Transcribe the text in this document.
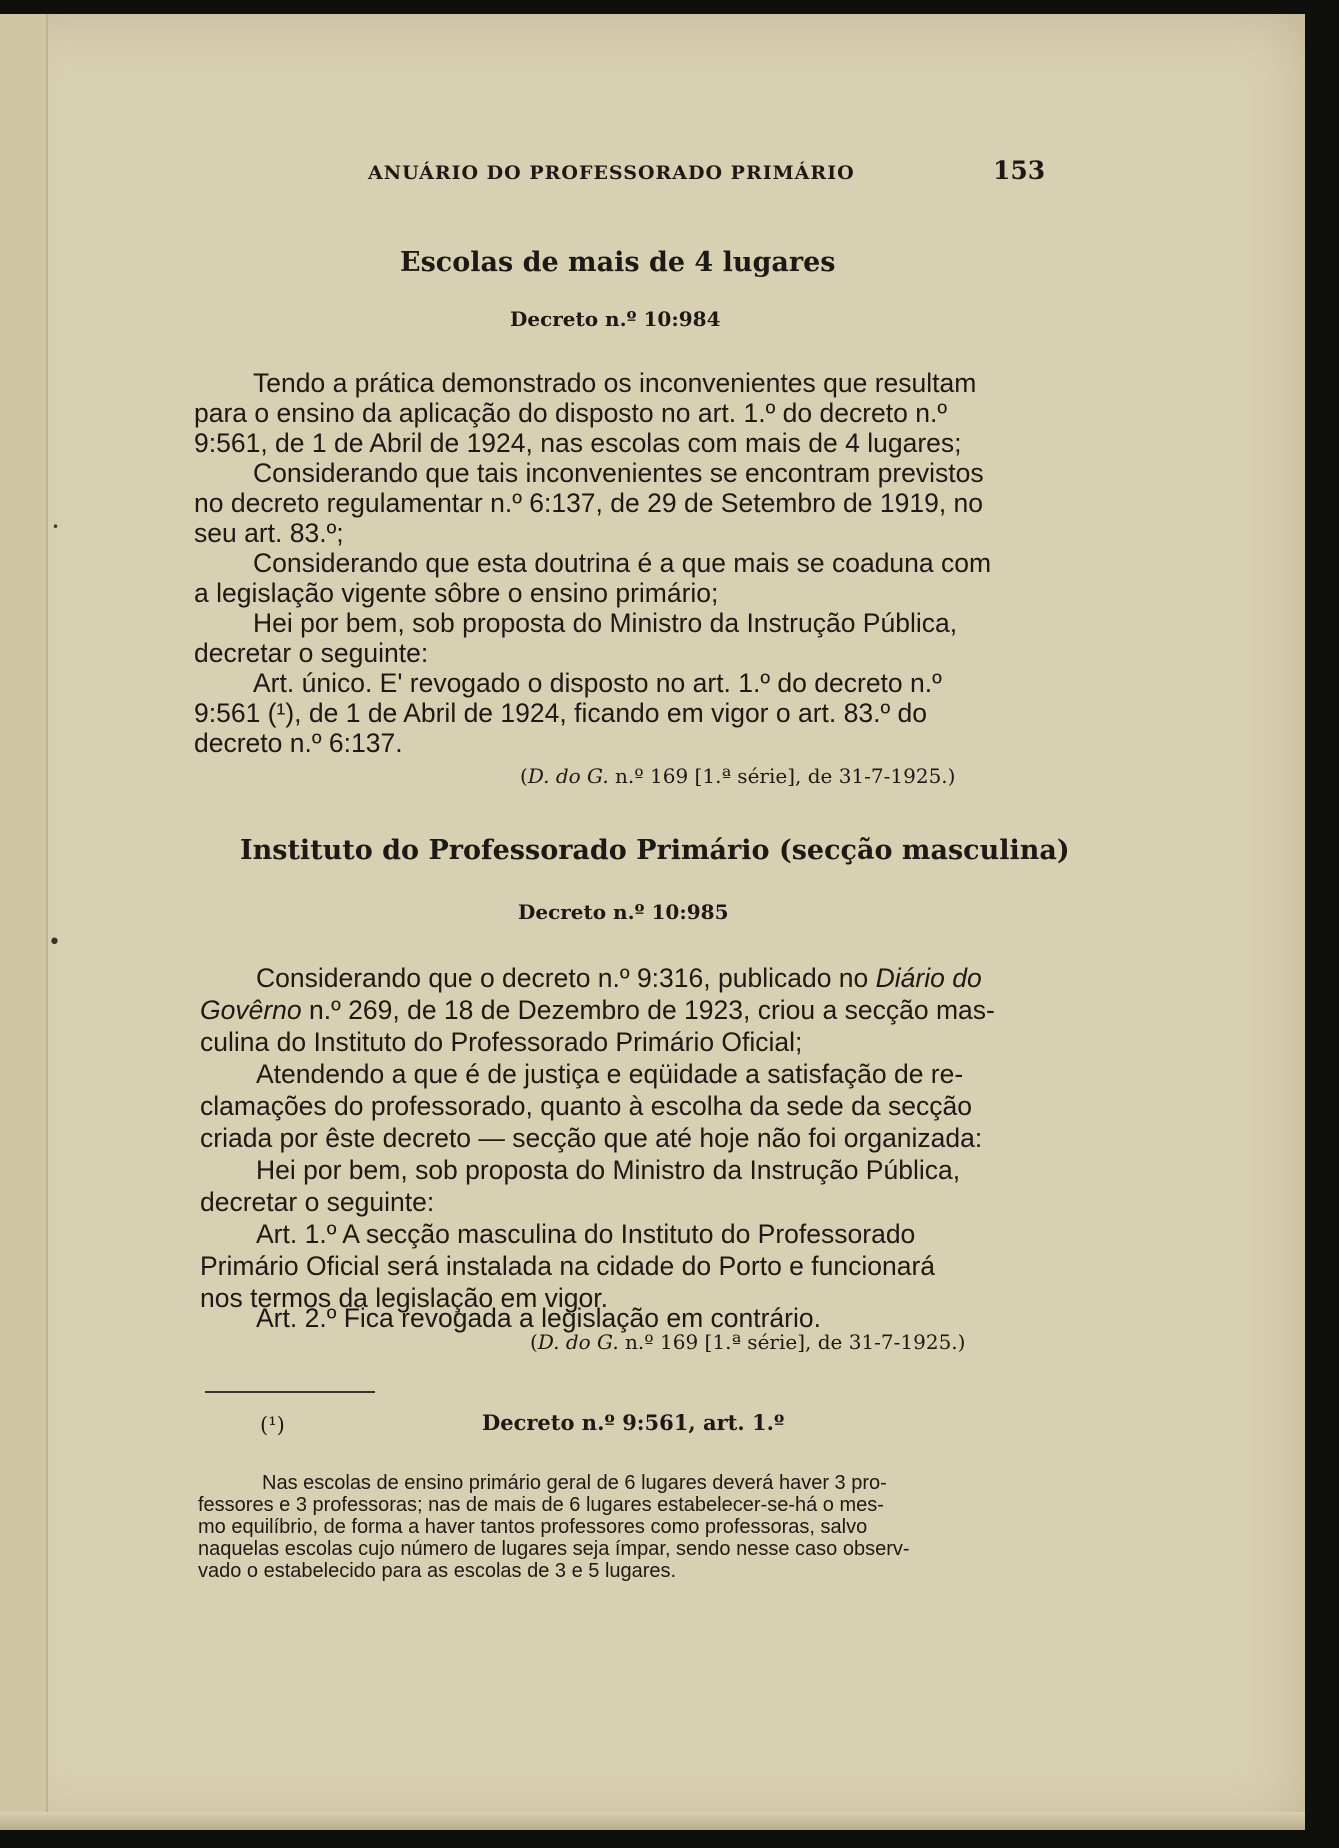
•
•
ANUÁRIO DO PROFESSORADO PRIMÁRIO	153
Escolas de mais de 4 lugares
Decreto n.º 10:984
Tendo a prática demonstrado os inconvenientes que resultam
para o ensino da aplicação do disposto no art. 1.º do decreto n.º
9:561, de 1 de Abril de 1924, nas escolas com mais de 4 lugares;
Considerando que tais inconvenientes se encontram previstos
no decreto regulamentar n.º 6:137, de 29 de Setembro de 1919, no
seu art. 83.º;
Considerando que esta doutrina é a que mais se coaduna com
a legislação vigente sôbre o ensino primário;
Hei por bem, sob proposta do Ministro da Instrução Pública,
decretar o seguinte:
Art. único. E' revogado o disposto no art. 1.º do decreto n.º
9:561 (¹), de 1 de Abril de 1924, ficando em vigor o art. 83.º do
decreto n.º 6:137.
(D. do G. n.º 169 [1.ª série], de 31-7-1925.)
Instituto do Professorado Primário (secção masculina)
Decreto n.º 10:985
Considerando que o decreto n.º 9:316, publicado no Diário do
Govêrno n.º 269, de 18 de Dezembro de 1923, criou a secção mas-
culina do Instituto do Professorado Primário Oficial;
Atendendo a que é de justiça e eqüidade a satisfação de re-
clamações do professorado, quanto à escolha da sede da secção
criada por êste decreto — secção que até hoje não foi organizada:
Hei por bem, sob proposta do Ministro da Instrução Pública,
decretar o seguinte:
Art. 1.º A secção masculina do Instituto do Professorado
Primário Oficial será instalada na cidade do Porto e funcionará
nos termos da legislação em vigor.
Art. 2.º Fica revogada a legislação em contrário.
(D. do G. n.º 169 [1.ª série], de 31-7-1925.)
(¹)	Decreto n.º 9:561, art. 1.º
Nas escolas de ensino primário geral de 6 lugares deverá haver 3 pro-
fessores e 3 professoras; nas de mais de 6 lugares estabelecer-se-há o mes-
mo equilíbrio, de forma a haver tantos professores como professoras, salvo
naquelas escolas cujo número de lugares seja ímpar, sendo nesse caso observ-
vado o estabelecido para as escolas de 3 e 5 lugares.
